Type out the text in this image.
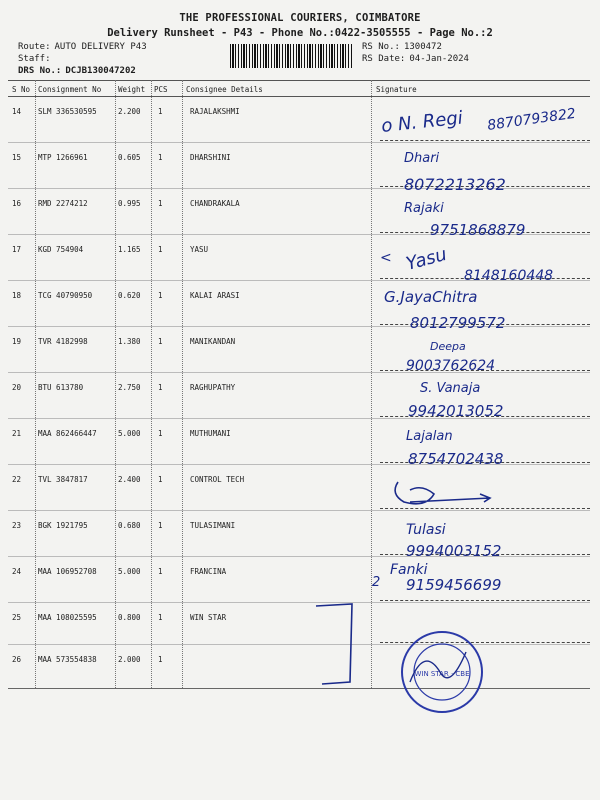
THE PROFESSIONAL COURIERS, COIMBATORE
Delivery Runsheet - P43 - Phone No.:0422-3505555 - Page No.:2
Route: AUTO DELIVERY P43
Staff:
DRS No.: DCJB130047202
RS No.: 1300472
RS Date: 04-Jan-2024
S No Consignment No Weight PCS Consignee Details	Signature
14 SLM 336530595	2.200 1	RAJALAKSHMI
15 MTP 1266961	0.605 1	DHARSHINI
16 RMD 2274212	0.995 1	CHANDRAKALA
17 KGD 754904	1.165 1	YASU
18 TCG 40790950	0.620 1	KALAI ARASI
19 TVR 4182998	1.380 1	MANIKANDAN
20 BTU 613780	2.750 1	RAGHUPATHY
21 MAA 862466447	5.000 1	MUTHUMANI
22 TVL 3847817	2.400 1	CONTROL TECH
23 BGK 1921795	0.680 1	TULASIMANI
24 MAA 106952708	5.000 1	FRANCINA
25 MAA 108025595	0.800 1	WIN STAR
26 MAA 573554838	2.000 1
o N. Regi 8870793822
Dhari
8072213262
Rajaki
9751868879
< Yasu
8148160448
G.JayaChitra
8012799572
Deepa
9003762624
S. Vanaja
9942013052
Lajalan
8754702438
Tulasi
9994003152
2
Fanki
9159456699
WIN STAR · CBE
